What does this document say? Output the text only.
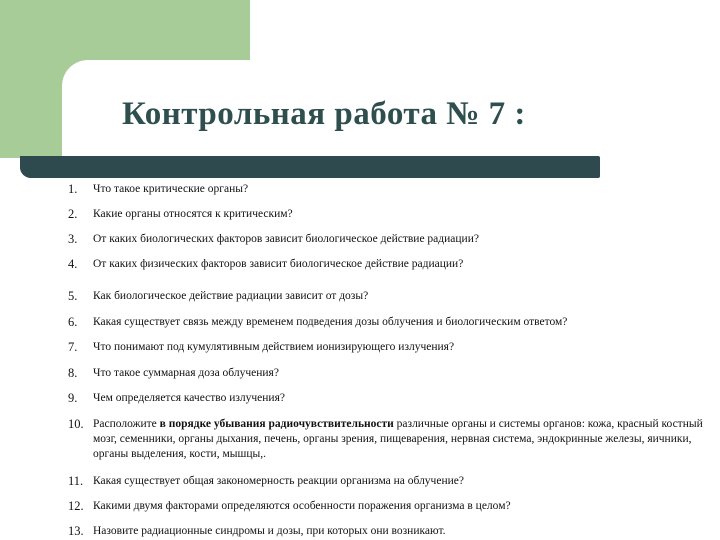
Контрольная работа № 7 :
1. Что такое критические органы?
2. Какие органы относятся к критическим?
3. От каких биологических факторов зависит биологическое действие радиации?
4. От каких физических факторов зависит биологическое действие радиации?
5. Как биологическое действие радиации зависит от дозы?
6. Какая существует связь между временем подведения дозы облучения и биологическим ответом?
7. Что понимают под кумулятивным действием ионизирующего излучения?
8. Что такое суммарная доза облучения?
9. Чем определяется качество излучения?
10. Расположите в порядке убывания радиочувствительности различные органы и системы органов: кожа, красный костный мозг, семенники, органы дыхания, печень, органы зрения, пищеварения, нервная система, эндокринные железы, яичники, органы выделения, кости, мышцы,.
11. Какая существует общая закономерность реакции организма на облучение?
12. Какими двумя факторами определяются особенности поражения организма в целом?
13. Назовите радиационные синдромы и дозы, при которых они возникают.
